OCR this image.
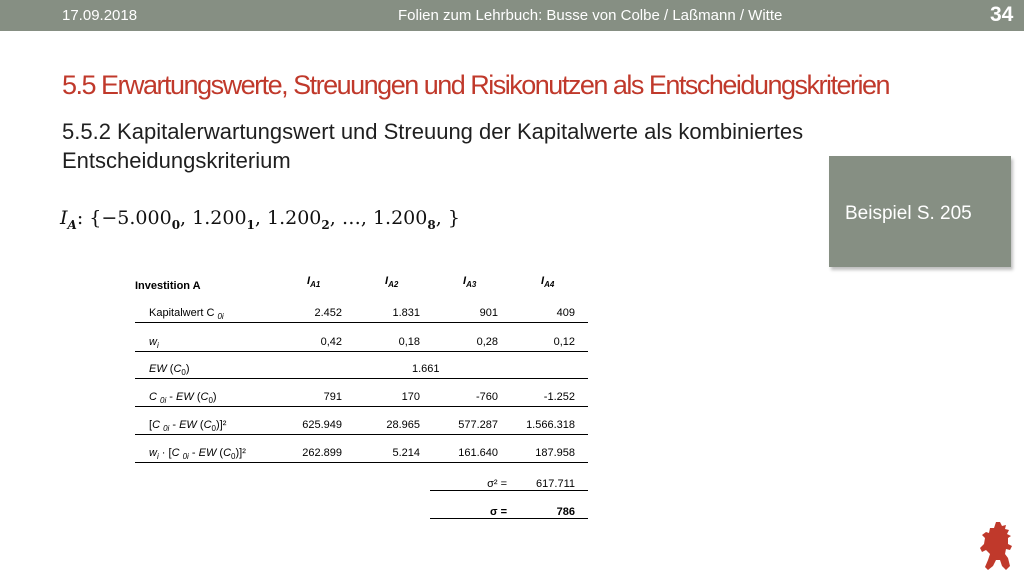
17.09.2018	Folien zum Lehrbuch: Busse von Colbe / Laßmann / Witte	34
5.5 Erwartungswerte, Streuungen und Risikonutzen als Entscheidungskriterien
5.5.2 Kapitalerwartungswert und Streuung der Kapitalwerte als kombiniertes Entscheidungskriterium
$I_A$: {$-5.000_0$, $1.200_1$, $1.200_2$, …, $1.200_8$, }	Beispiel S. 205
Investition A	$I_{A1}$	$I_{A2}$	$I_{A3}$	$I_{A4}$
Kapitalwert C $_{0i}$	2.452	1.831	901	409
$w_i$	0,42	0,18	0,28	0,12
EW $(C_0)$	1.661
C $_{0i}$ - EW $(C_0)$	791	170	-760	-1.252
[C $_{0i}$ - EW $(C_0)]^2$	625.949	28.965	577.287	1.566.318
$w_i \cdot [C$ $_{0i}$ - EW $(C_0)]^2$	262.899	5.214	161.640	187.958
σ² =	617.711
σ =	786
